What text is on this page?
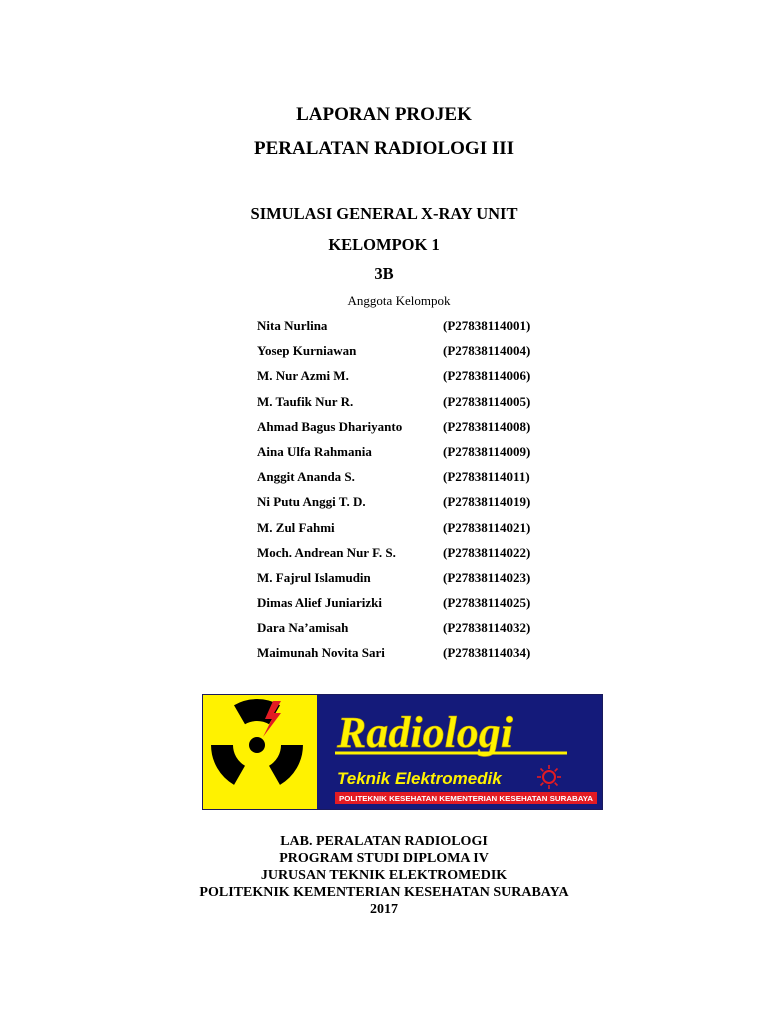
LAPORAN PROJEK
PERALATAN RADIOLOGI III
SIMULASI GENERAL X-RAY UNIT
KELOMPOK 1
3B
Anggota Kelompok
Nita Nurlina	(P27838114001)
Yosep Kurniawan	(P27838114004)
M. Nur Azmi M.	(P27838114006)
M. Taufik Nur R.	(P27838114005)
Ahmad Bagus Dhariyanto	(P27838114008)
Aina Ulfa Rahmania	(P27838114009)
Anggit Ananda S.	(P27838114011)
Ni Putu Anggi T. D.	(P27838114019)
M. Zul Fahmi	(P27838114021)
Moch. Andrean Nur F. S.	(P27838114022)
M. Fajrul Islamudin	(P27838114023)
Dimas Alief Juniarizki	(P27838114025)
Dara Na’amisah	(P27838114032)
Maimunah Novita Sari	(P27838114034)
Radiologi
Teknik Elektromedik
POLITEKNIK KESEHATAN KEMENTERIAN KESEHATAN SURABAYA
LAB. PERALATAN RADIOLOGI
PROGRAM STUDI DIPLOMA IV
JURUSAN TEKNIK ELEKTROMEDIK
POLITEKNIK KEMENTERIAN KESEHATAN SURABAYA
2017
